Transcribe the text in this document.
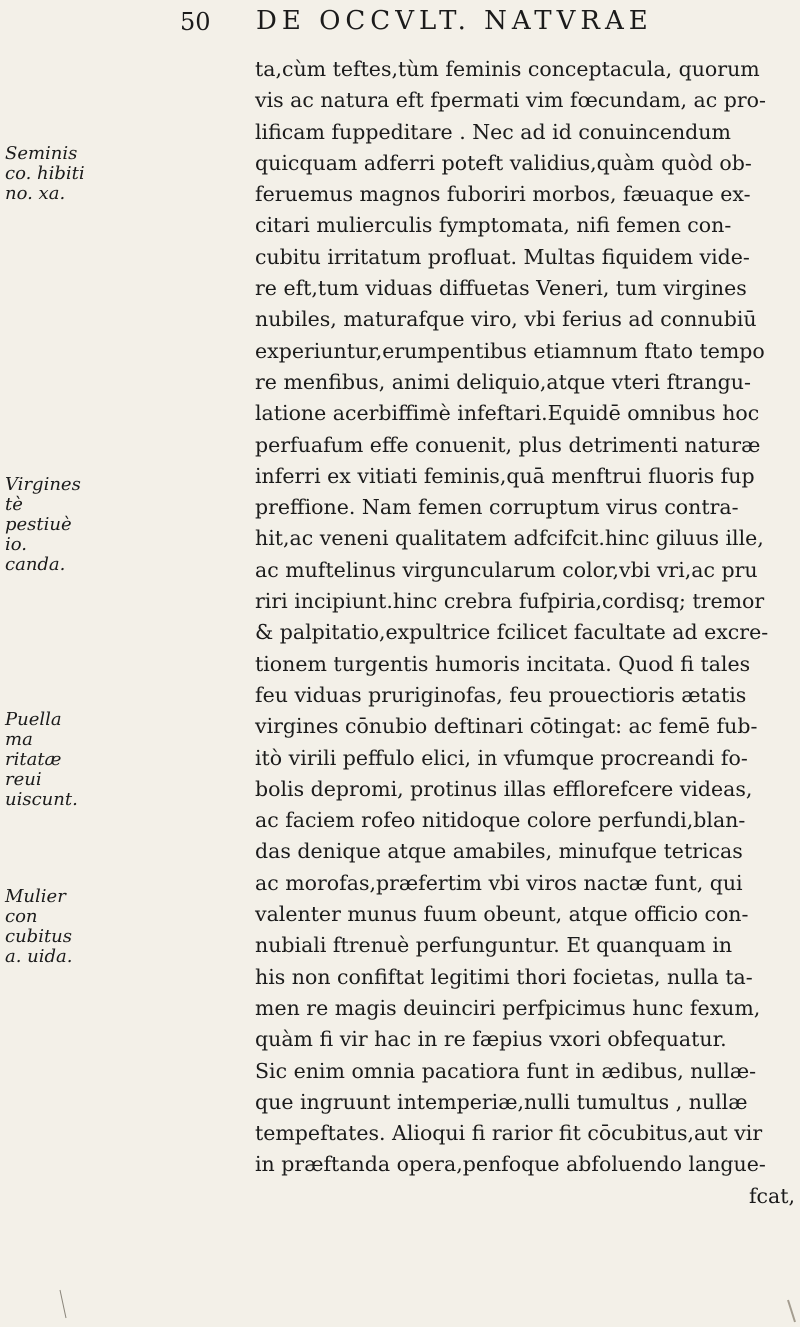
50 DE OCCVLT. NATVRAE
Seminis co. hibiti no. xa.
Virgines tè pestiuè io. canda.
Puella ma ritatæ reui uiscunt.
Mulier con cubitus a. uida.
ta,cùm teftes,tùm feminis conceptacula, quorum
vis ac natura eft fpermati vim fœcundam, ac pro-
lificam fuppeditare . Nec ad id conuincendum
quicquam adferri poteft validius,quàm quòd ob-
feruemus magnos fuboriri morbos, fæuaque ex-
citari mulierculis fymptomata, nifi femen con-
cubitu irritatum profluat. Multas fiquidem vide-
re eft,tum viduas diffuetas Veneri, tum virgines
nubiles, maturafque viro, vbi ferius ad connubiū
experiuntur,erumpentibus etiamnum ftato tempo
re menfibus, animi deliquio,atque vteri ftrangu-
latione acerbiffimè infeftari.Equidē omnibus hoc
perfuafum effe conuenit, plus detrimenti naturæ
inferri ex vitiati feminis,quā menftrui fluoris fup
preffione. Nam femen corruptum virus contra-
hit,ac veneni qualitatem adfcifcit.hinc giluus ille,
ac muftelinus virguncularum color,vbi vri,ac pru
riri incipiunt.hinc crebra fufpiria,cordisq; tremor
& palpitatio,expultrice fcilicet facultate ad excre-
tionem turgentis humoris incitata. Quod fi tales
feu viduas pruriginofas, feu prouectioris ætatis
virgines cōnubio deftinari cōtingat: ac femē fub-
itò virili peffulo elici, in vfumque procreandi fo-
bolis depromi, protinus illas efflorefcere videas,
ac faciem rofeo nitidoque colore perfundi,blan-
das denique atque amabiles, minufque tetricas
ac morofas,præfertim vbi viros nactæ funt, qui
valenter munus fuum obeunt, atque officio con-
nubiali ftrenuè perfunguntur. Et quanquam in
his non confiftat legitimi thori focietas, nulla ta-
men re magis deuinciri perfpicimus hunc fexum,
quàm fi vir hac in re fæpius vxori obfequatur.
Sic enim omnia pacatiora funt in ædibus, nullæ-
que ingruunt intemperiæ,nulli tumultus , nullæ
tempeftates. Alioqui fi rarior fit cōcubitus,aut vir
in præftanda opera,penfoque abfoluendo langue-
fcat,
